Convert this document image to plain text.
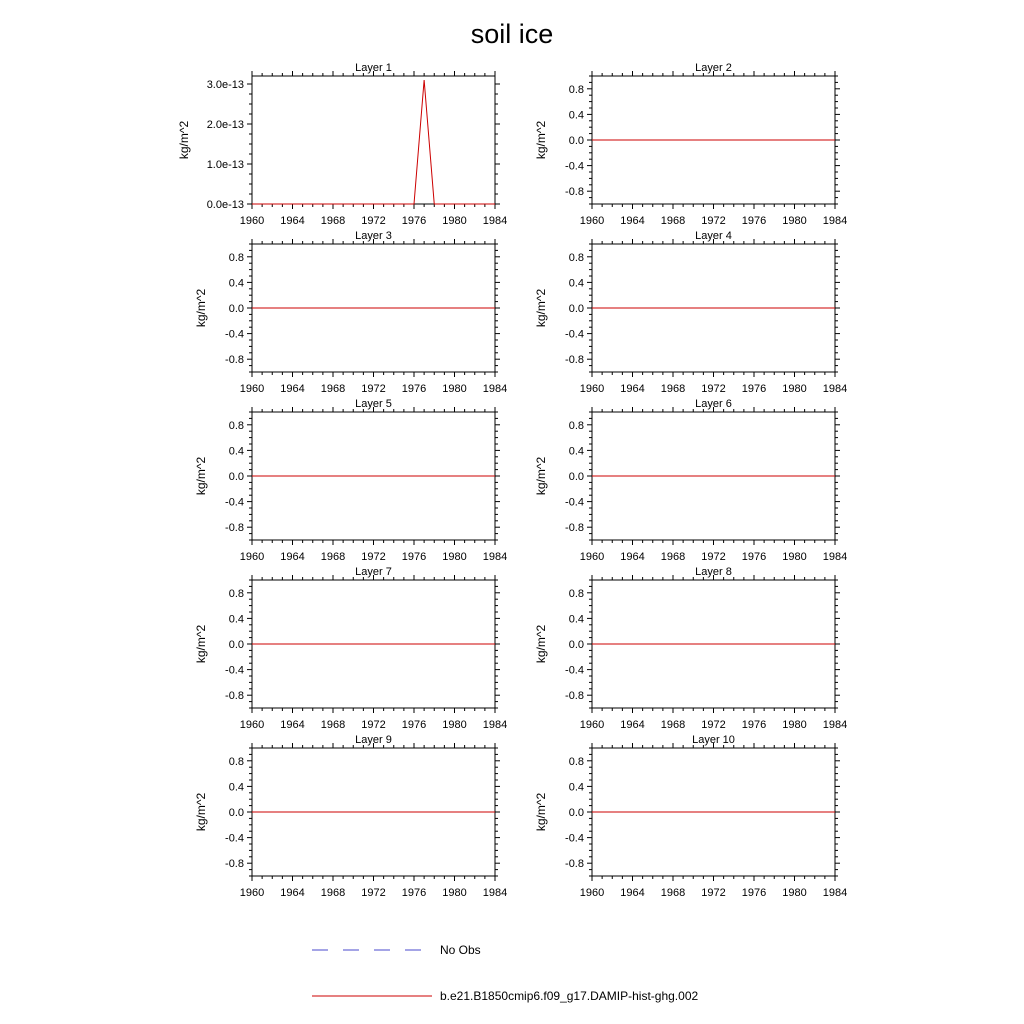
soil ice
Layer 1
1960 1964 1968 1972 1976 1980 1984
0.0e-13
1.0e-13
2.0e-13
3.0e-13
kg/m^2
Layer 2
1960 1964 1968 1972 1976 1980 1984
0.8
0.4
0.0
-0.4
-0.8
kg/m^2
Layer 3
1960 1964 1968 1972 1976 1980 1984
0.8
0.4
0.0
-0.4
-0.8
kg/m^2
Layer 4
1960 1964 1968 1972 1976 1980 1984
0.8
0.4
0.0
-0.4
-0.8
kg/m^2
Layer 5
1960 1964 1968 1972 1976 1980 1984
0.8
0.4
0.0
-0.4
-0.8
kg/m^2
Layer 6
1960 1964 1968 1972 1976 1980 1984
0.8
0.4
0.0
-0.4
-0.8
kg/m^2
Layer 7
1960 1964 1968 1972 1976 1980 1984
0.8
0.4
0.0
-0.4
-0.8
kg/m^2
Layer 8
1960 1964 1968 1972 1976 1980 1984
0.8
0.4
0.0
-0.4
-0.8
kg/m^2
Layer 9
1960 1964 1968 1972 1976 1980 1984
0.8
0.4
0.0
-0.4
-0.8
kg/m^2
Layer 10
1960 1964 1968 1972 1976 1980 1984
0.8
0.4
0.0
-0.4
-0.8
kg/m^2
No Obs
b.e21.B1850cmip6.f09_g17.DAMIP-hist-ghg.002
